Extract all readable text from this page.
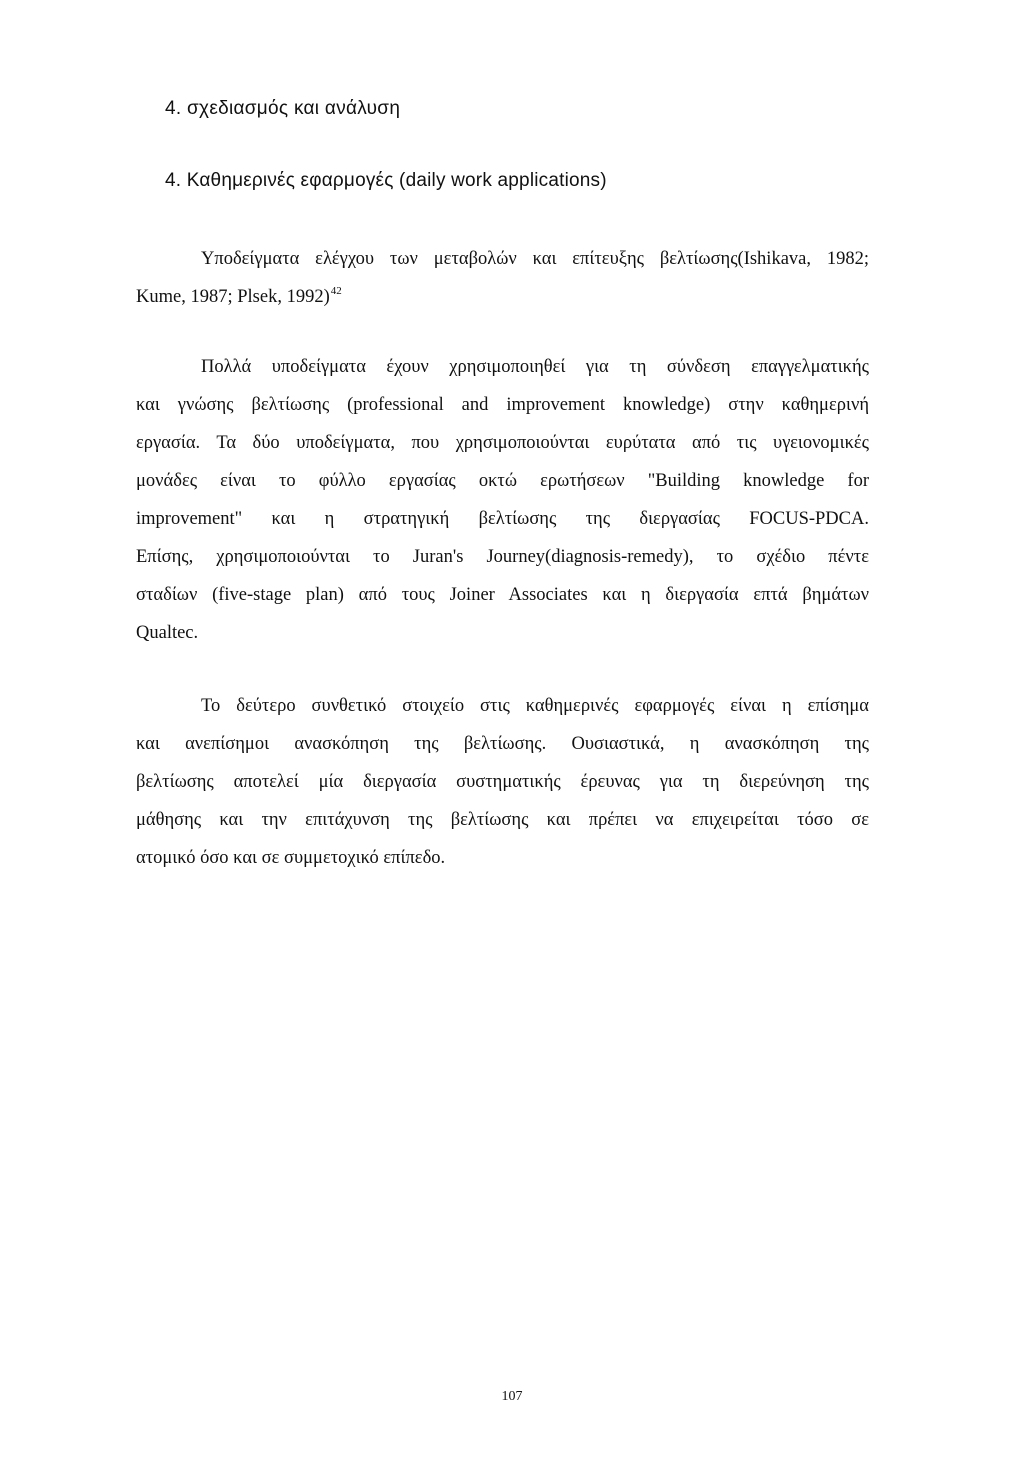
4. σχεδιασμός και ανάλυση
4. Καθημερινές εφαρμογές (daily work applications)
Υποδείγματα ελέγχου των μεταβολών και επίτευξης βελτίωσης(Ishikava, 1982;
Kume, 1987; Plsek, 1992)$^{42}$
Πολλά υποδείγματα έχουν χρησιμοποιηθεί για τη σύνδεση επαγγελματικής
και γνώσης βελτίωσης (professional and improvement knowledge) στην καθημερινή
εργασία. Τα δύο υποδείγματα, που χρησιμοποιούνται ευρύτατα από τις υγειονομικές
μονάδες είναι το φύλλο εργασίας οκτώ ερωτήσεων "Building knowledge for
improvement" και η στρατηγική βελτίωσης της διεργασίας FOCUS-PDCA.
Επίσης, χρησιμοποιούνται το Juran's Journey(diagnosis-remedy), το σχέδιο πέντε
σταδίων (five-stage plan) από τους Joiner Associates και η διεργασία επτά βημάτων
Qualtec.
Το δεύτερο συνθετικό στοιχείο στις καθημερινές εφαρμογές είναι η επίσημα
και ανεπίσημοι ανασκόπηση της βελτίωσης. Ουσιαστικά, η ανασκόπηση της
βελτίωσης αποτελεί μία διεργασία συστηματικής έρευνας για τη διερεύνηση της
μάθησης και την επιτάχυνση της βελτίωσης και πρέπει να επιχειρείται τόσο σε
ατομικό όσο και σε συμμετοχικό επίπεδο.
107
